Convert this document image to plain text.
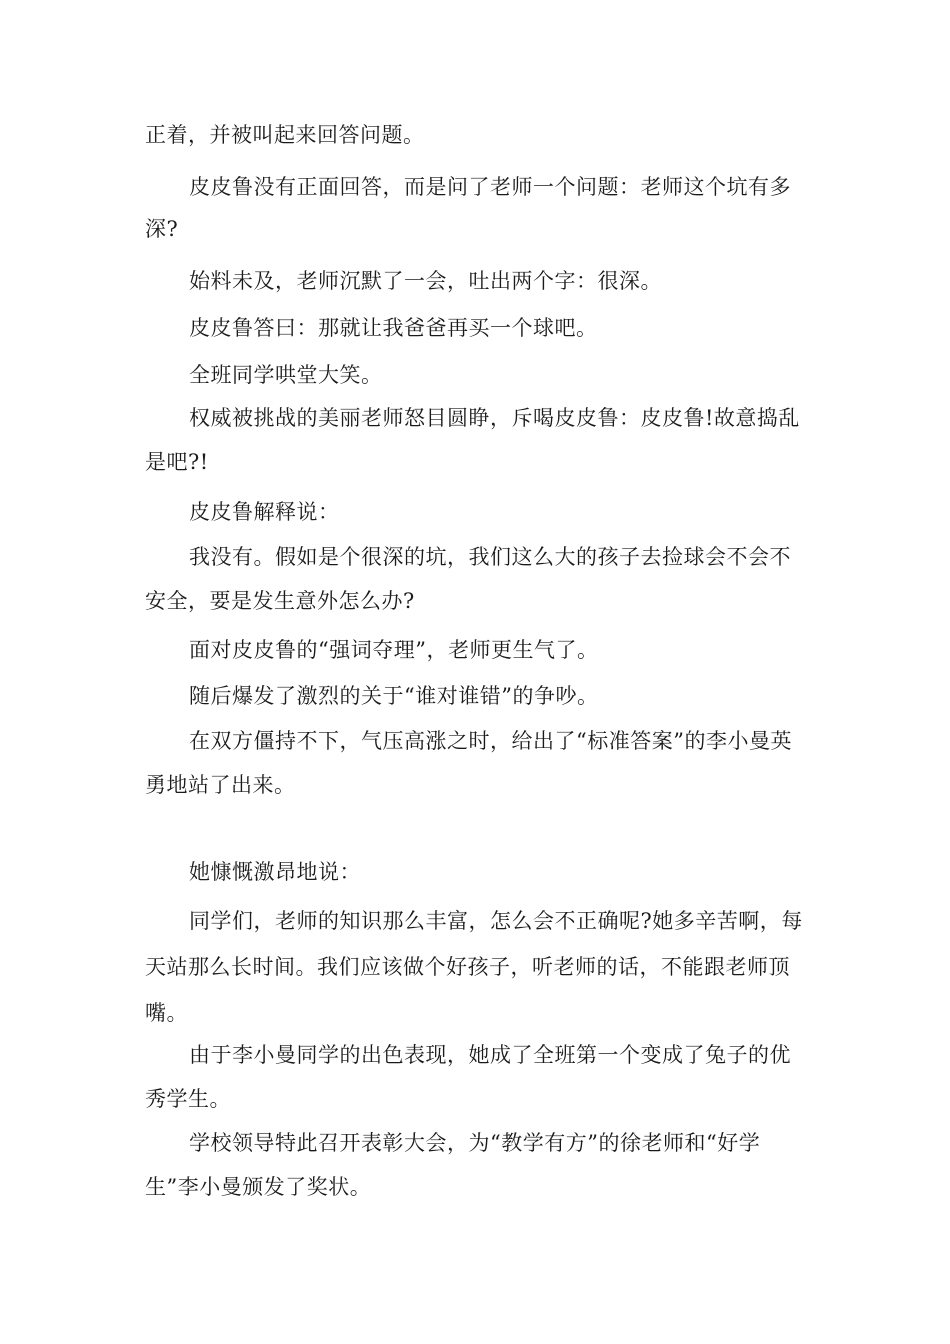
正着，并被叫起来回答问题。

皮皮鲁没有正面回答，而是问了老师一个问题：老师这个坑有多深?

始料未及，老师沉默了一会，吐出两个字：很深。

皮皮鲁答曰：那就让我爸爸再买一个球吧。

全班同学哄堂大笑。

权威被挑战的美丽老师怒目圆睁，斥喝皮皮鲁：皮皮鲁!故意捣乱是吧?!

皮皮鲁解释说：

我没有。假如是个很深的坑，我们这么大的孩子去捡球会不会不安全，要是发生意外怎么办?

面对皮皮鲁的“强词夺理”，老师更生气了。

随后爆发了激烈的关于“谁对谁错”的争吵。

在双方僵持不下，气压高涨之时，给出了“标准答案”的李小曼英勇地站了出来。

她慷慨激昂地说：

同学们，老师的知识那么丰富，怎么会不正确呢?她多辛苦啊，每天站那么长时间。我们应该做个好孩子，听老师的话，不能跟老师顶嘴。

由于李小曼同学的出色表现，她成了全班第一个变成了兔子的优秀学生。

学校领导特此召开表彰大会，为“教学有方”的徐老师和“好学生”李小曼颁发了奖状。
